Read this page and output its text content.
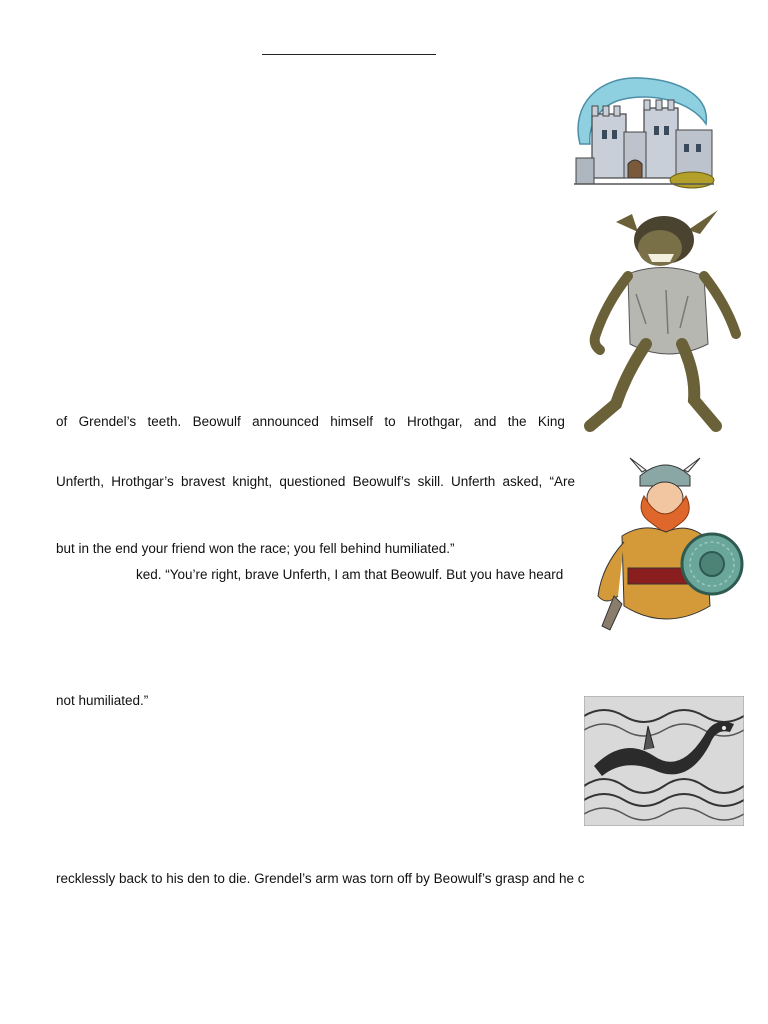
of Grendel’s teeth. Beowulf announced himself to Hrothgar, and the King
Unferth, Hrothgar’s bravest knight, questioned Beowulf’s skill. Unferth asked, “Are
but in the end your friend won the race; you fell behind humiliated.”
ked. “You’re right, brave Unferth, I am that Beowulf. But you have heard
not humiliated.”
recklessly back to his den to die. Grendel’s arm was torn off by Beowulf’s grasp and he c
